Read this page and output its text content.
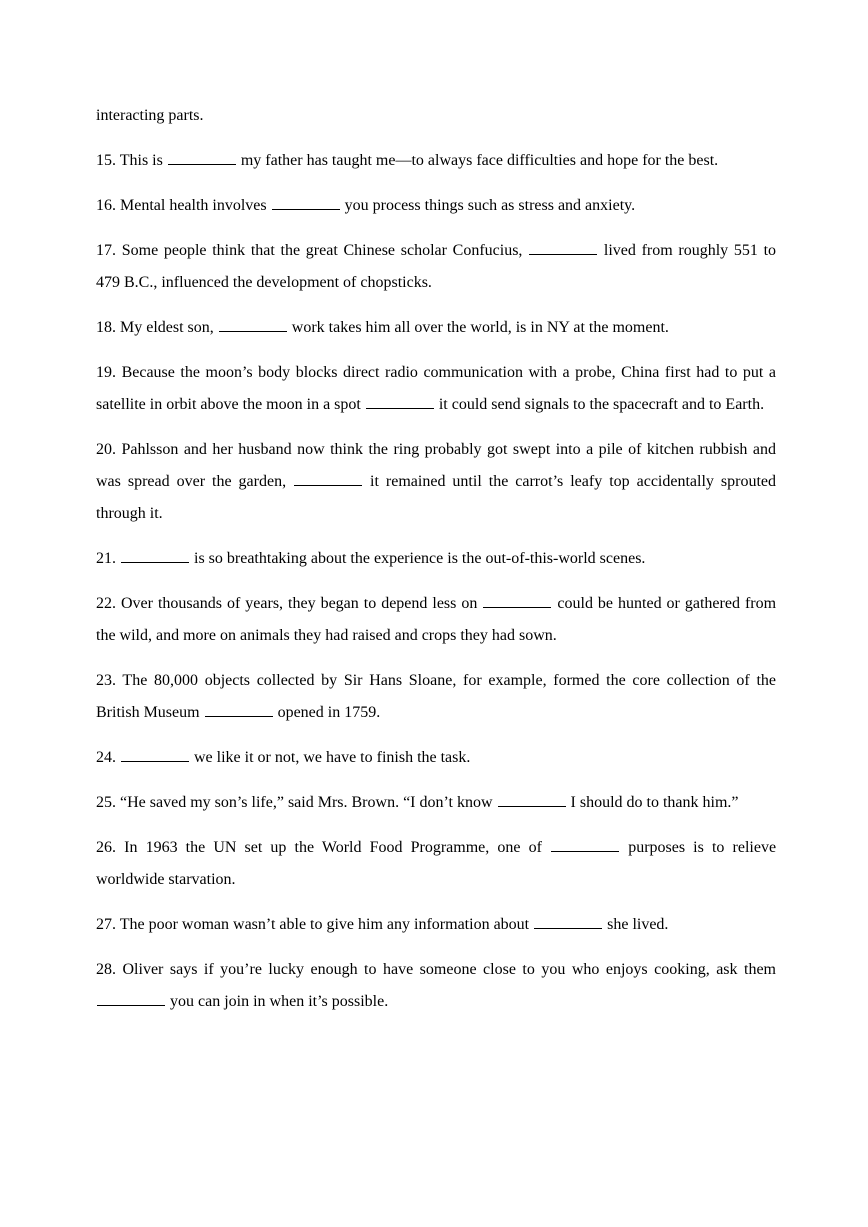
interacting parts.

15. This is	my father has taught me—to always face difficulties and hope for the best.

16. Mental health involves	you process things such as stress and anxiety.

17. Some people think that the great Chinese scholar Confucius,	lived from roughly 551 to 479 B.C., influenced the development of chopsticks.

18. My eldest son,	work takes him all over the world, is in NY at the moment.

19. Because the moon’s body blocks direct radio communication with a probe, China first had to put a satellite in orbit above the moon in a spot	it could send signals to the spacecraft and to Earth.

20. Pahlsson and her husband now think the ring probably got swept into a pile of kitchen rubbish and was spread over the garden,	it remained until the carrot’s leafy top accidentally sprouted through it.

21.	is so breathtaking about the experience is the out-of-this-world scenes.

22. Over thousands of years, they began to depend less on	could be hunted or gathered from the wild, and more on animals they had raised and crops they had sown.

23. The 80,000 objects collected by Sir Hans Sloane, for example, formed the core collection of the British Museum	opened in 1759.

24.	we like it or not, we have to finish the task.

25. “He saved my son’s life,” said Mrs. Brown. “I don’t know	I should do to thank him.”

26. In 1963 the UN set up the World Food Programme, one of	purposes is to relieve worldwide starvation.

27. The poor woman wasn’t able to give him any information about	she lived.

28. Oliver says if you’re lucky enough to have someone close to you who enjoys cooking, ask them  you can join in when it’s possible.
